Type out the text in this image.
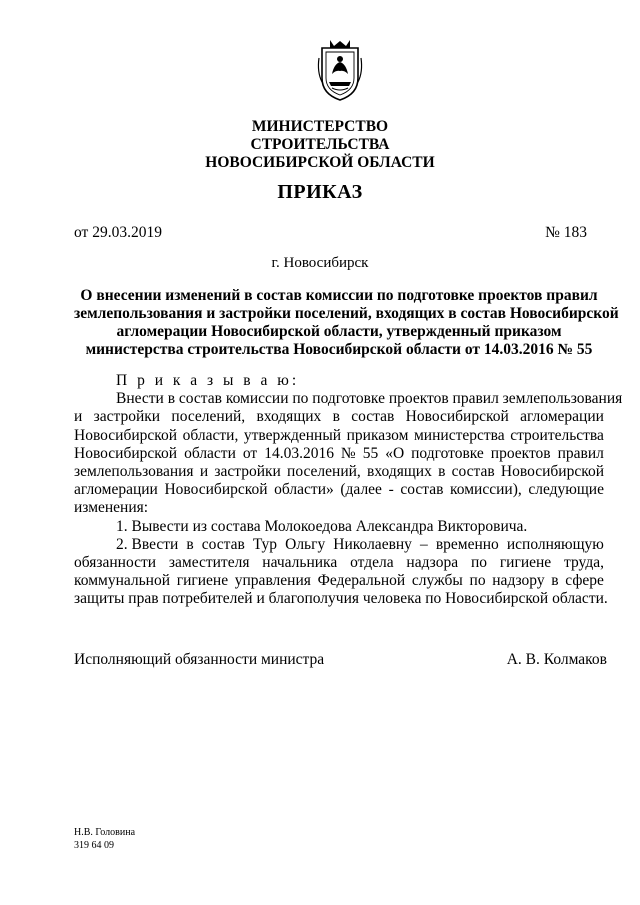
МИНИСТЕРСТВО
СТРОИТЕЛЬСТВА
НОВОСИБИРСКОЙ ОБЛАСТИ
ПРИКАЗ
от 29.03.2019	№ 183
г. Новосибирск
О внесении изменений в состав комиссии по подготовке проектов правил
землепользования и застройки поселений, входящих в состав Новосибирской
агломерации Новосибирской области, утвержденный приказом
министерства строительства Новосибирской области от 14.03.2016 № 55
П р и к а з ы в а ю:
Внести в состав комиссии по подготовке проектов правил землепользования
и застройки поселений, входящих в состав Новосибирской агломерации
Новосибирской области, утвержденный приказом министерства строительства
Новосибирской области от 14.03.2016 № 55 «О подготовке проектов правил
землепользования и застройки поселений, входящих в состав Новосибирской
агломерации Новосибирской области» (далее - состав комиссии), следующие
изменения:
1. Вывести из состава Молокоедова Александра Викторовича.
2. Ввести в состав Тур Ольгу Николаевну – временно исполняющую
обязанности заместителя начальника отдела надзора по гигиене труда,
коммунальной гигиене управления Федеральной службы по надзору в сфере
защиты прав потребителей и благополучия человека по Новосибирской области.
Исполняющий обязанности министра	А. В. Колмаков
Н.В. Головина
319 64 09
